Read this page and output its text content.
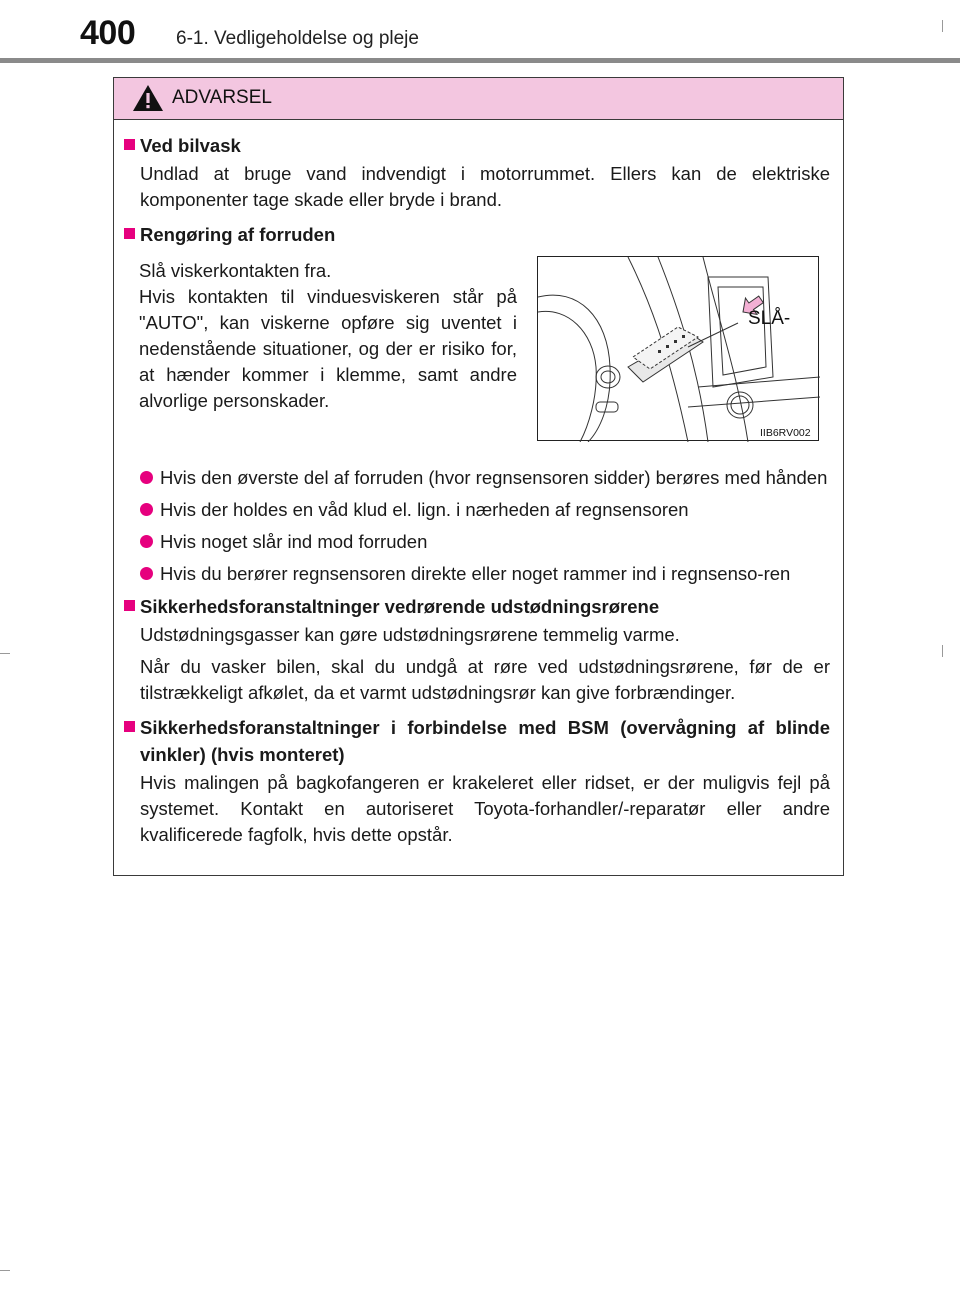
400 6-1. Vedligeholdelse og pleje
ADVARSEL
Ved bilvask
Undlad at bruge vand indvendigt i motorrummet. Ellers kan de elektriske komponenter tage skade eller bryde i brand.
Rengøring af forruden
Hvis den øverste del af forruden (hvor regnsensoren sidder) berøres med hånden
Hvis der holdes en våd klud el. lign. i nærheden af regnsensoren
Hvis noget slår ind mod forruden
Hvis du berører regnsensoren direkte eller noget rammer ind i regnsenso-ren
Sikkerhedsforanstaltninger vedrørende udstødningsrørene
Udstødningsgasser kan gøre udstødningsrørene temmelig varme.
Når du vasker bilen, skal du undgå at røre ved udstødningsrørene, før de er tilstrækkeligt afkølet, da et varmt udstødningsrør kan give forbrændinger.
Sikkerhedsforanstaltninger i forbindelse med BSM (overvågning af blinde vinkler) (hvis monteret)
Hvis malingen på bagkofangeren er krakeleret eller ridset, er der muligvis fejl på systemet. Kontakt en autoriseret Toyota-forhandler/-reparatør eller andre kvalificerede fagfolk, hvis dette opstår.
Slå viskerkontakten fra.
Hvis kontakten til vinduesviskeren står på "AUTO", kan viskerne opføre sig uventet i nedenstående situationer, og der er risiko for, at hænder kommer i klemme, samt andre alvorlige personskader.
SLÅ-
IIB6RV002
